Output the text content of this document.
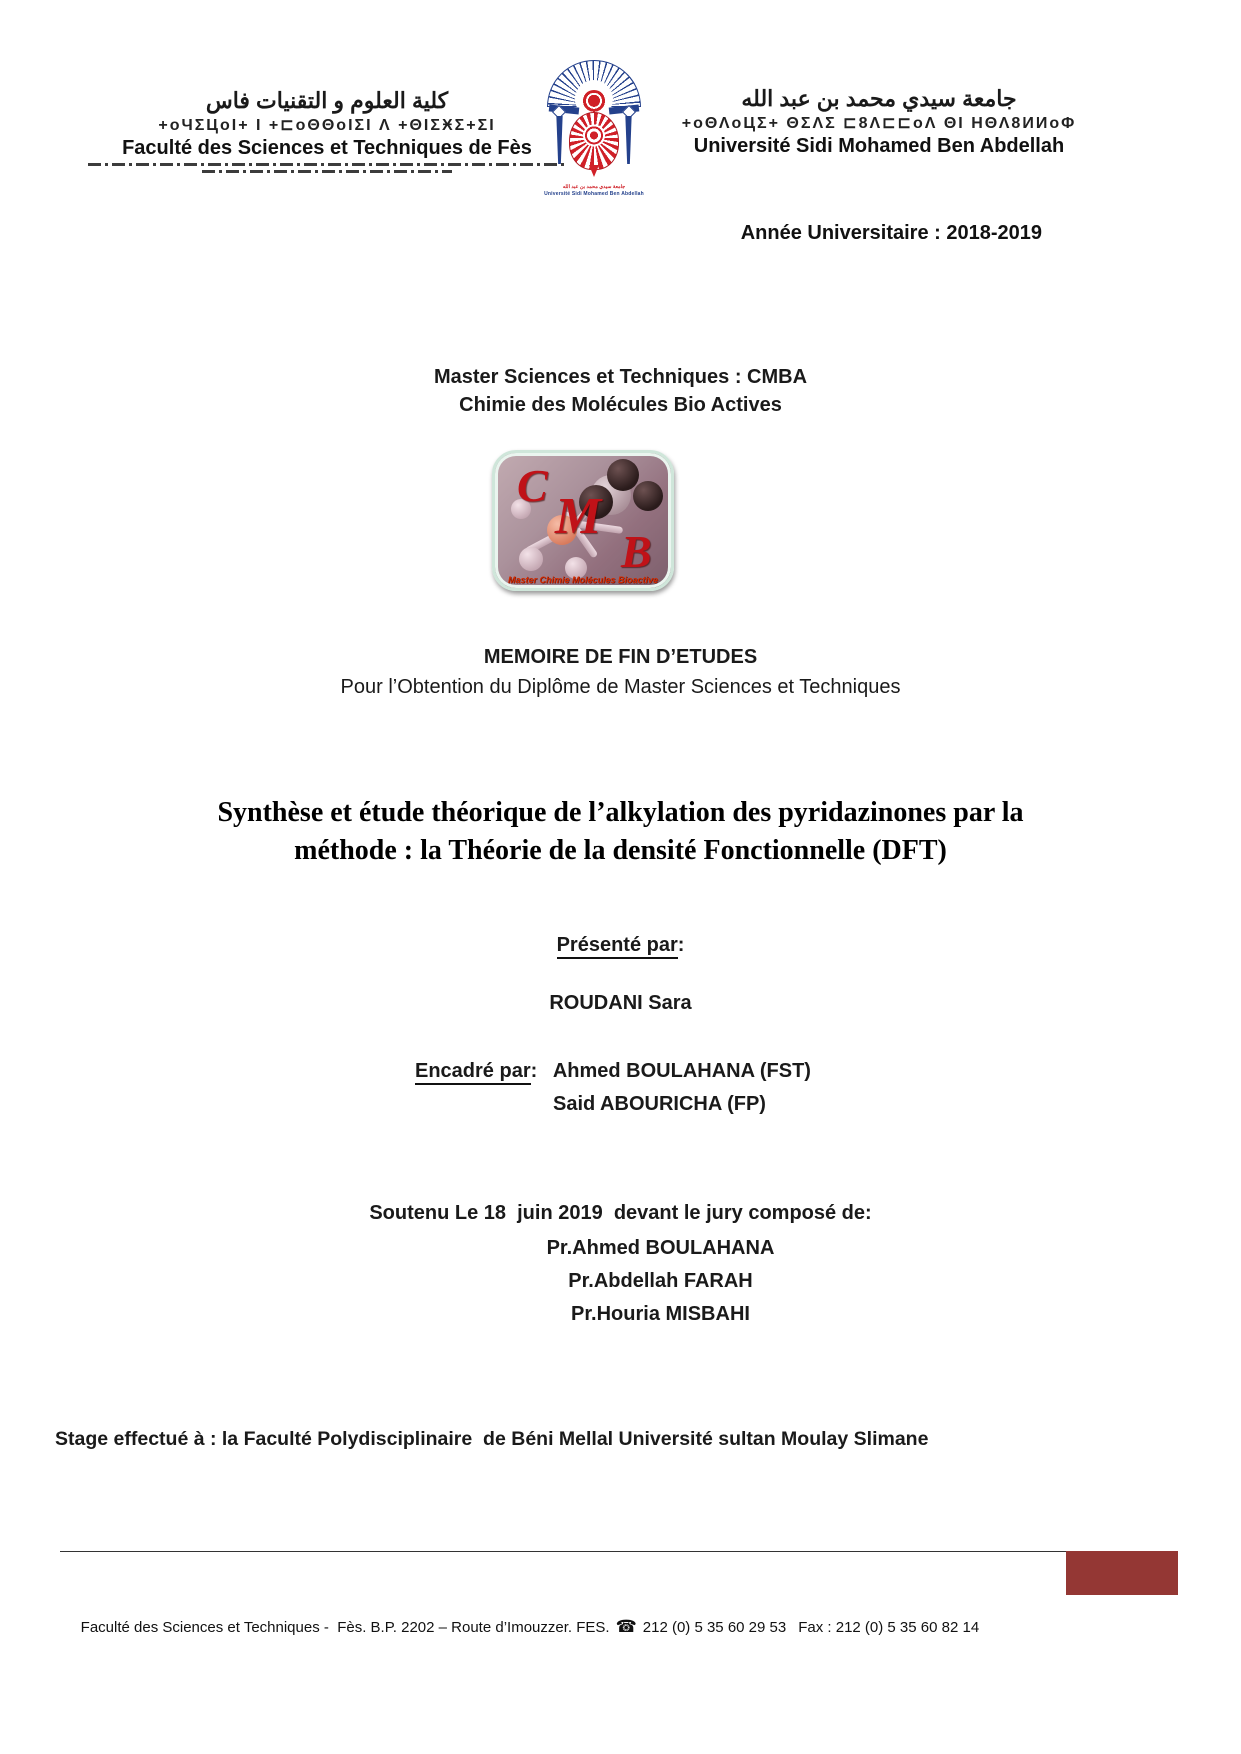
كلية العلوم و التقنيات فاس
+oЧΣЦoI+ I +⊏oΘΘoIΣI Λ +ΘIΣӾΣ+ΣI
Faculté des Sciences et Techniques de Fès
جامعة سيدي محمد بن عبد الله
Université Sidi Mohamed Ben Abdellah
جامعة سيدي محمد بن عبد الله
+oΘΛoЦΣ+ ΘΣΛΣ ⊏8Λ⊏⊏oΛ ΘI HΘΛ8ИИoΦ
Université Sidi Mohamed Ben Abdellah
Année Universitaire : 2018-2019
Master Sciences et Techniques : CMBA
Chimie des Molécules Bio Actives
C
M
B
Master Chimie Molécules Bioactive
MEMOIRE DE FIN D’ETUDES
Pour l’Obtention du Diplôme de Master Sciences et Techniques
Synthèse et étude théorique de l’alkylation des pyridazinones par la
méthode : la Théorie de la densité Fonctionnelle (DFT)
Présenté par:
ROUDANI Sara
Encadré par: Ahmed BOULAHANA (FST)
Said ABOURICHA (FP)
Soutenu Le 18  juin 2019  devant le jury composé de:
Pr.Ahmed BOULAHANA
Pr.Abdellah FARAH
Pr.Houria MISBAHI
Stage effectué à : la Faculté Polydisciplinaire  de Béni Mellal Université sultan Moulay Slimane

Faculté des Sciences et Techniques -  Fès. B.P. 2202 – Route d’Imouzzer. FES. ☎ 212 (0) 5 35 60 29 53 Fax : 212 (0) 5 35 60 82 14
